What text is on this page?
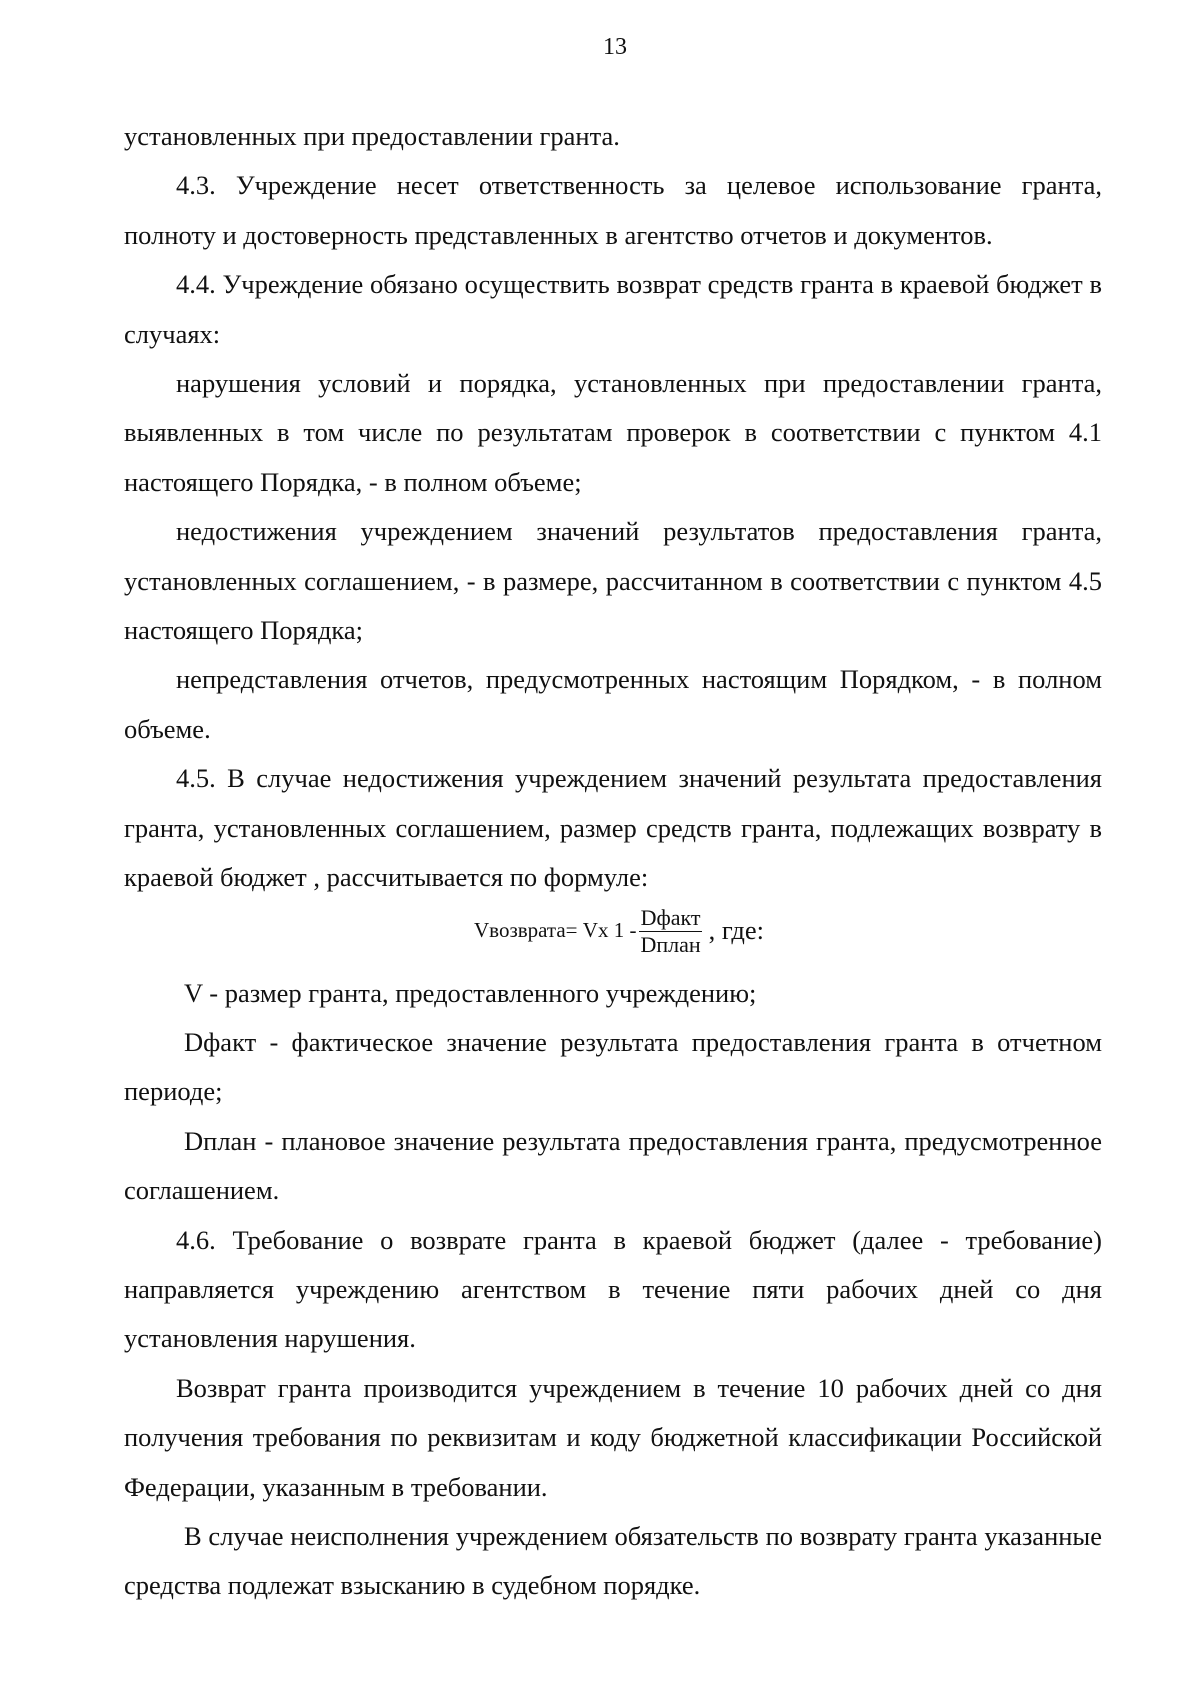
13

установленных при предоставлении гранта.

4.3. Учреждение несет ответственность за целевое использование гранта, полноту и достоверность представленных в агентство отчетов и документов.

4.4. Учреждение обязано осуществить возврат средств гранта в краевой бюджет в случаях:

нарушения условий и порядка, установленных при предоставлении гранта, выявленных в том числе по результатам проверок в соответствии с пунктом 4.1 настоящего Порядка, - в полном объеме;

недостижения учреждением значений результатов предоставления гранта, установленных соглашением, - в размере, рассчитанном в соответствии с пунктом 4.5 настоящего Порядка;

непредставления отчетов, предусмотренных настоящим Порядком, - в полном объеме.

4.5. В случае недостижения учреждением значений результата предоставления гранта, установленных соглашением, размер средств гранта, подлежащих возврату в краевой бюджет , рассчитывается по формуле:

Vвозврата= Vх $1 - \frac{\text{Dфакт}}{\text{Dплан}}$ , где:

V - размер гранта, предоставленного учреждению;

Dфакт - фактическое значение результата предоставления гранта в отчетном периоде;

Dплан - плановое значение результата предоставления гранта, предусмотренное соглашением.

4.6. Требование о возврате гранта в краевой бюджет (далее - требование) направляется учреждению агентством в течение пяти рабочих дней со дня установления нарушения.

Возврат гранта производится учреждением в течение 10 рабочих дней со дня получения требования по реквизитам и коду бюджетной классификации Российской Федерации, указанным в требовании.

В случае неисполнения учреждением обязательств по возврату гранта указанные средства подлежат взысканию в судебном порядке.
